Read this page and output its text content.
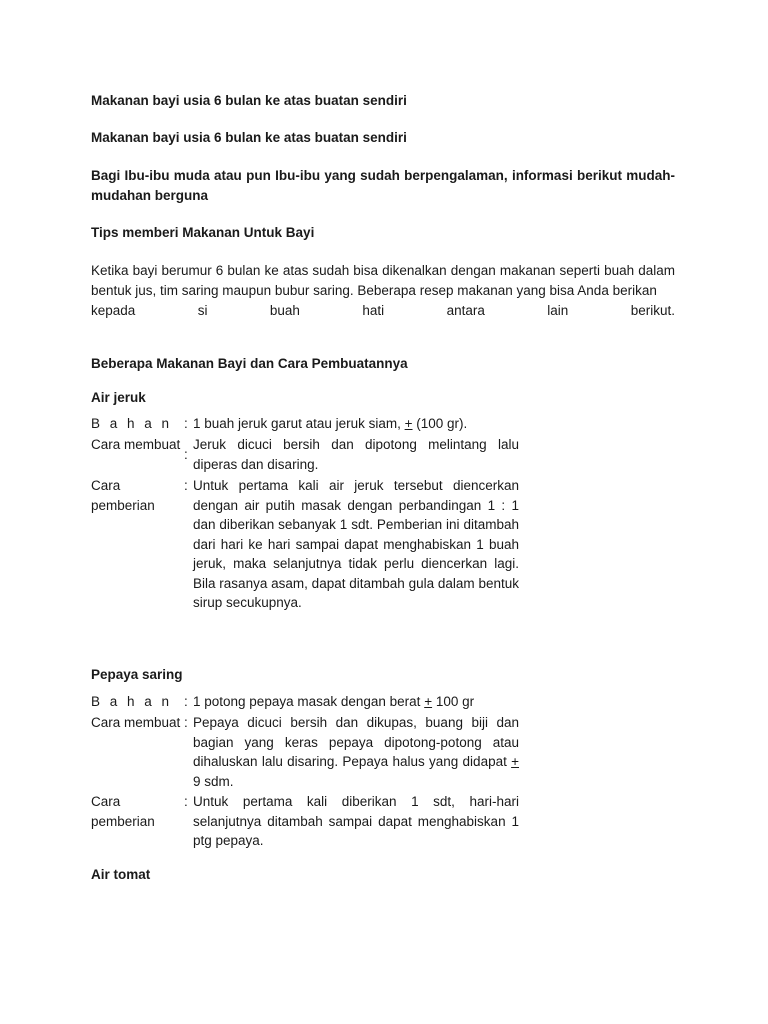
Makanan bayi usia 6 bulan ke atas buatan sendiri

Makanan bayi usia 6 bulan ke atas buatan sendiri

Bagi Ibu-ibu muda atau pun Ibu-ibu yang sudah berpengalaman, informasi berikut mudah-mudahan berguna

Tips memberi Makanan Untuk Bayi

Ketika bayi berumur 6 bulan ke atas sudah bisa dikenalkan dengan makanan seperti buah dalam bentuk jus, tim saring maupun bubur saring. Beberapa resep makanan yang bisa Anda berikan
kepada si buah hati antara lain berikut.

Beberapa Makanan Bayi dan Cara Pembuatannya

Air jeruk

B a h a n : 1 buah jeruk garut atau jeruk siam, + (100 gr).
Cara membuat
:
Jeruk dicuci bersih dan dipotong melintang lalu diperas dan disaring.
Cara pemberian
: Untuk pertama kali air jeruk tersebut diencerkan dengan air putih masak dengan perbandingan 1 : 1 dan diberikan sebanyak 1 sdt. Pemberian ini ditambah dari hari ke hari sampai dapat menghabiskan 1 buah jeruk, maka selanjutnya tidak perlu diencerkan lagi. Bila rasanya asam, dapat ditambah gula dalam bentuk sirup secukupnya.

Pepaya saring

B a h a n : 1 potong pepaya masak dengan berat + 100 gr
Cara membuat : Pepaya dicuci bersih dan dikupas, buang biji dan bagian yang keras pepaya dipotong-potong atau dihaluskan lalu disaring. Pepaya halus yang didapat + 9 sdm.
Cara pemberian
: Untuk pertama kali diberikan 1 sdt, hari-hari selanjutnya ditambah sampai dapat menghabiskan 1 ptg pepaya.

Air tomat
